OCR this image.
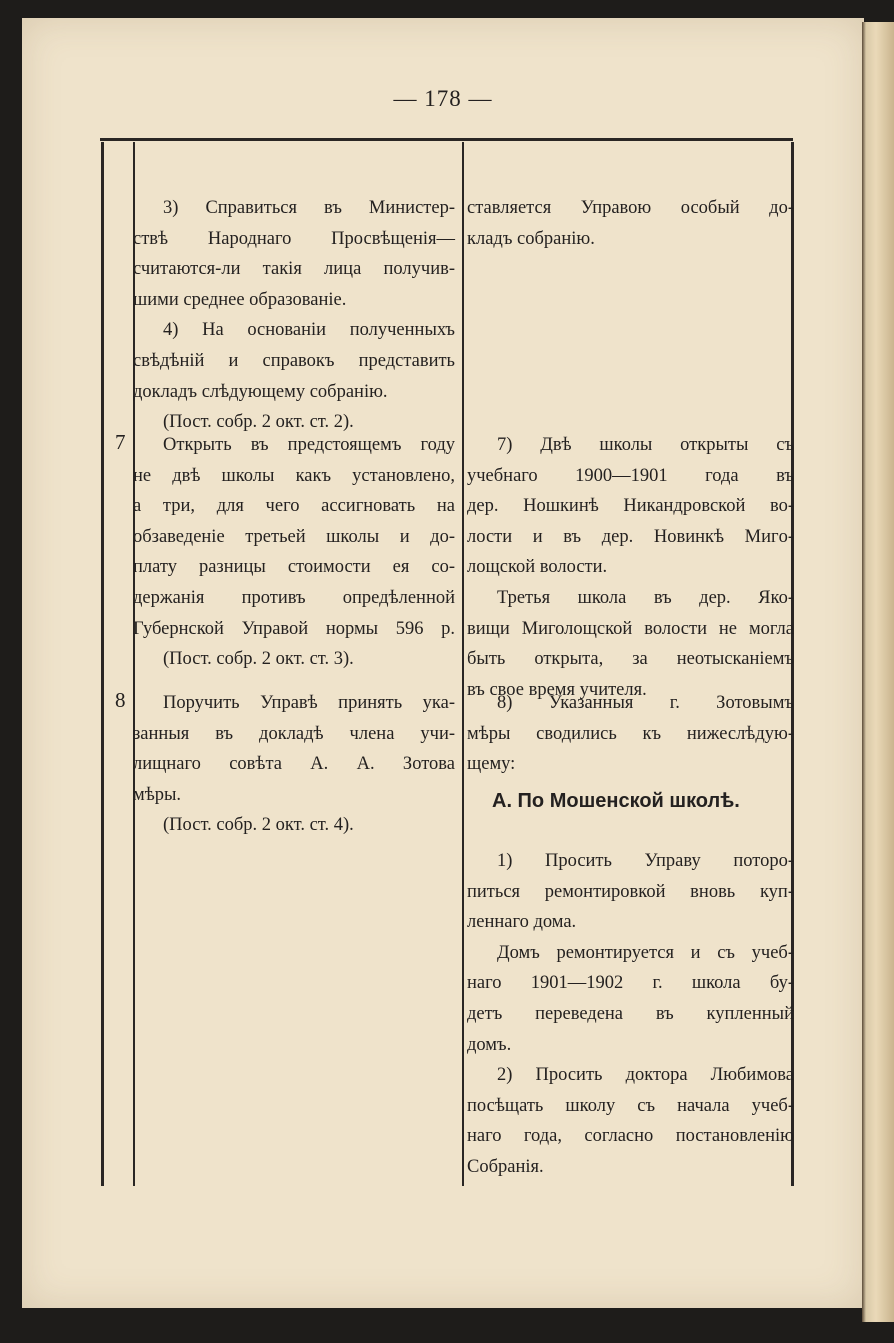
— 178 —

3) Справиться въ Министер-

ствѣ Народнаго Просвѣщенія—

считаются-ли такія лица получив-

шими среднее образованіе.

4) На основаніи полученныхъ

свѣдѣній и справокъ представить

докладъ слѣдующему собранію.

(Пост. собр. 2 окт. ст. 2).

ставляется Управою особый до-

кладъ собранію.

7	Открыть въ предстоящемъ году

не двѣ школы какъ установлено,

а три, для чего ассигновать на

обзаведеніе третьей школы и до-

плату разницы стоимости ея со-

держанія противъ опредѣленной

Губернской Управой нормы 596 р.

(Пост. собр. 2 окт. ст. 3).

7) Двѣ школы открыты съ

учебнаго 1900—1901 года въ

дер. Ношкинѣ Никандровской во-

лости и въ дер. Новинкѣ Мигo-

лощской волости.

Третья школа въ дер. Яко-

вищи Миголощской волости не могла

быть открыта, за неотысканіемъ

въ свое время учителя.

8	Поручить Управѣ принять ука-

занныя въ докладѣ члена учи-

лищнаго совѣта А. А. Зотова

мѣры.

(Пост. собр. 2 окт. ст. 4).

8) Указанныя г. Зотовымъ

мѣры сводились къ нижеслѣдую-

щему:

А. По Мошенской школѣ.

1) Просить Управу поторо-

питься ремонтировкой вновь куп-

леннаго дома.

Домъ ремонтируется и съ учеб-

наго 1901—1902 г. школа бу-

детъ переведена въ купленный

домъ.

2) Просить доктора Любимова

посѣщать школу съ начала учеб-

наго года, согласно постановленію

Собранія.
